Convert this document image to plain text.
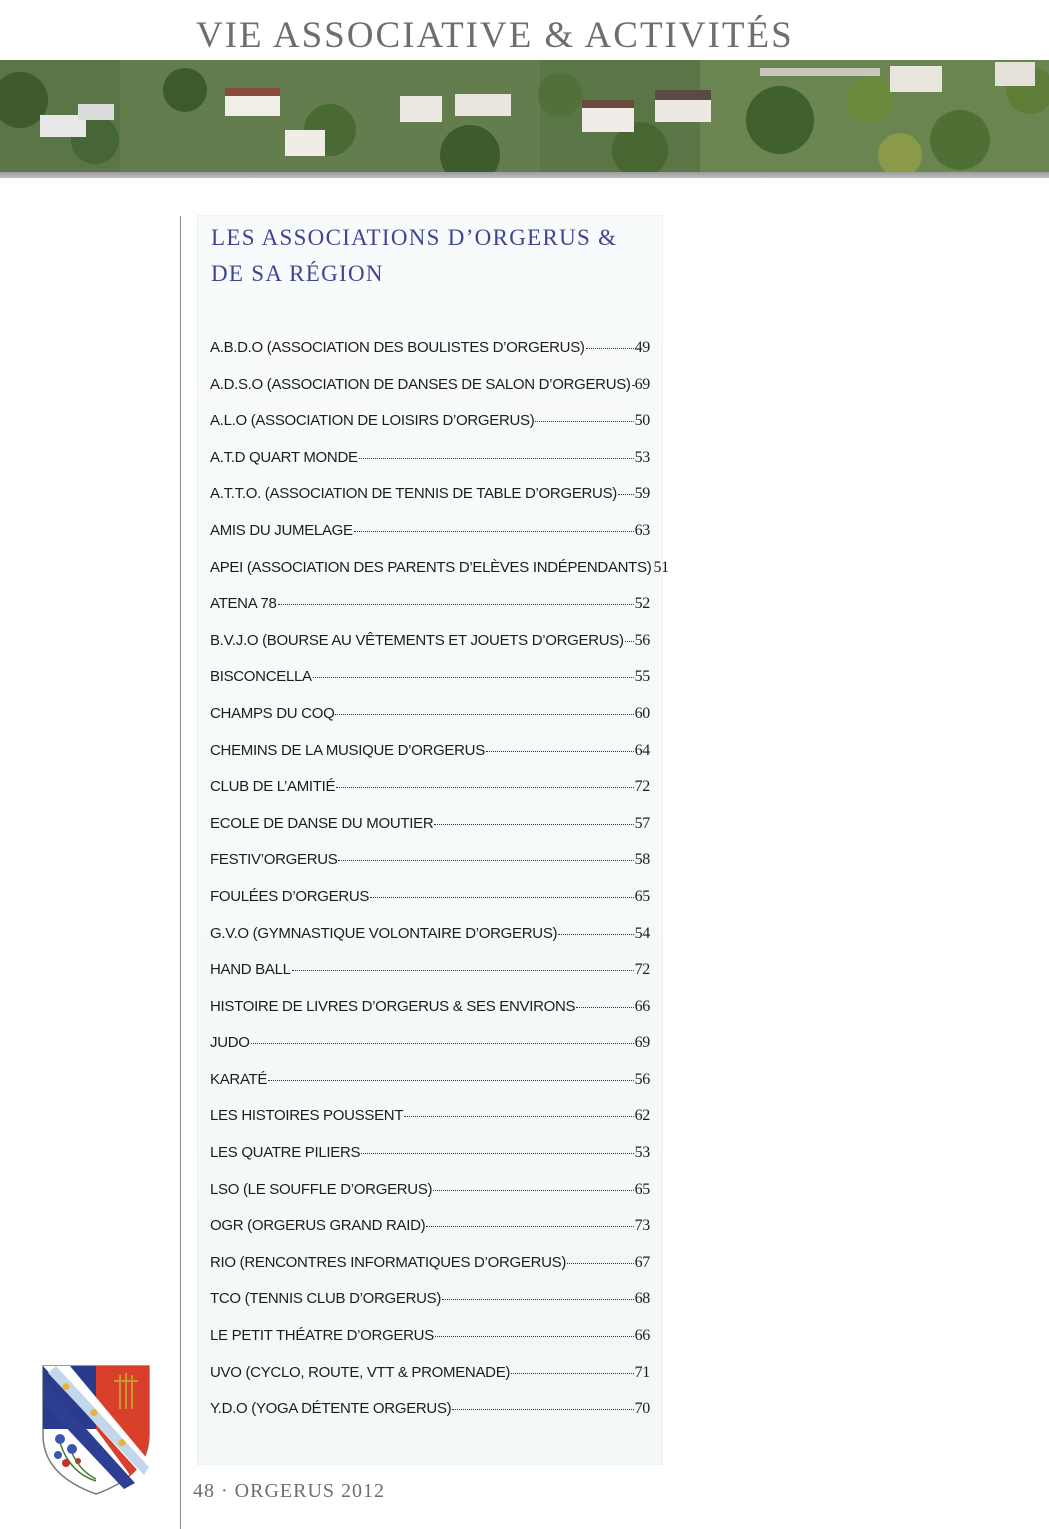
VIE ASSOCIATIVE & ACTIVITÉS
LES ASSOCIATIONS D’ORGERUS &
DE SA RÉGION
A.B.D.O (ASSOCIATION DES BOULISTES D’ORGERUS)	49
A.D.S.O (ASSOCIATION DE DANSES DE SALON D’ORGERUS) 69
A.L.O (ASSOCIATION DE LOISIRS D’ORGERUS)	50
A.T.D QUART MONDE	53
A.T.T.O. (ASSOCIATION DE TENNIS DE TABLE D’ORGERUS) 59
AMIS DU JUMELAGE	63
APEI (ASSOCIATION DES PARENTS D’ELÈVES INDÉPENDANTS) 51
ATENA 78	52
B.V.J.O (BOURSE AU VÊTEMENTS ET JOUETS D’ORGERUS) 56
BISCONCELLA	55
CHAMPS DU COQ	60
CHEMINS DE LA MUSIQUE D’ORGERUS	64
CLUB DE L’AMITIÉ	72
ECOLE DE DANSE DU MOUTIER	57
FESTIV’ORGERUS	58
FOULÉES D’ORGERUS	65
G.V.O (GYMNASTIQUE VOLONTAIRE D’ORGERUS)	54
HAND BALL	72
HISTOIRE DE LIVRES D’ORGERUS & SES ENVIRONS	66
JUDO	69
KARATÉ	56
LES HISTOIRES POUSSENT	62
LES QUATRE PILIERS	53
LSO (LE SOUFFLE D’ORGERUS)	65
OGR (ORGERUS GRAND RAID)	73
RIO (RENCONTRES INFORMATIQUES D’ORGERUS)	67
TCO (TENNIS CLUB D’ORGERUS)	68
LE PETIT THÉATRE D’ORGERUS	66
UVO (CYCLO, ROUTE, VTT & PROMENADE)	71
Y.D.O (YOGA DÉTENTE ORGERUS)	70
48 · ORGERUS 2012
